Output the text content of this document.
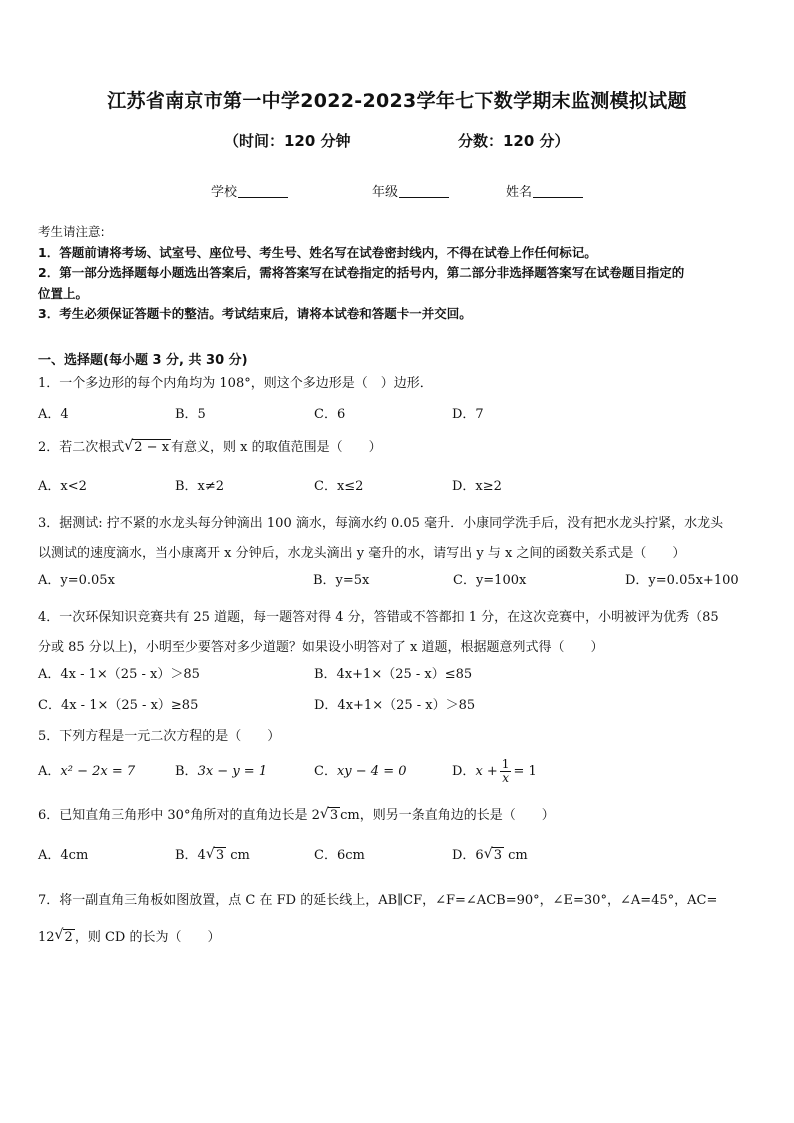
江苏省南京市第一中学2022-2023学年七下数学期末监测模拟试题
（时间：120 分钟	分数：120 分）
学校	年级	姓名
考生请注意:
1．答题前请将考场、试室号、座位号、考生号、姓名写在试卷密封线内，不得在试卷上作任何标记。
2．第一部分选择题每小题选出答案后，需将答案写在试卷指定的括号内，第二部分非选择题答案写在试卷题目指定的
位置上。
3．考生必须保证答题卡的整洁。考试结束后，请将本试卷和答题卡一并交回。
一、选择题(每小题 3 分, 共 30 分)
1．一个多边形的每个内角均为 108°，则这个多边形是（　）边形．
A．4	B．5	C．6	D．7
2．若二次根式 √ 2 − x 有意义，则 x 的取值范围是（　　）
A．x<2	B．x≠2	C．x≤2	D．x≥2
3．据测试: 拧不紧的水龙头每分钟滴出 100 滴水，每滴水约 0.05 毫升．小康同学洗手后，没有把水龙头拧紧，水龙头
以测试的速度滴水，当小康离开 x 分钟后，水龙头滴出 y 毫升的水，请写出 y 与 x 之间的函数关系式是（　　）
A．y=0.05x	B．y=5x	C．y=100x	D．y=0.05x+100
4．一次环保知识竞赛共有 25 道题，每一题答对得 4 分，答错或不答都扣 1 分，在这次竞赛中，小明被评为优秀（85
分或 85 分以上)，小明至少要答对多少道题？如果设小明答对了 x 道题，根据题意列式得（　　）
A．4x - 1×（25 - x）＞85	B．4x+1×（25 - x）≤85
C．4x - 1×（25 - x）≥85	D．4x+1×（25 - x）＞85
5．下列方程是一元二次方程的是（　　）
A．x² − 2x = 7	B．3x − y = 1	C．xy − 4 = 0	D．$x + \frac{1}{x} = 1$
6．已知直角三角形中 30°角所对的直角边长是 2 √ 3 cm，则另一条直角边的长是（　　）
A．4cm	B．4 √ 3 cm	C．6cm	D．6 √ 3 cm
7．将一副直角三角板如图放置，点 C 在 FD 的延长线上，AB∥CF，∠F=∠ACB=90°，∠E=30°，∠A=45°，AC=
12 √ 2 ，则 CD 的长为（　　）
